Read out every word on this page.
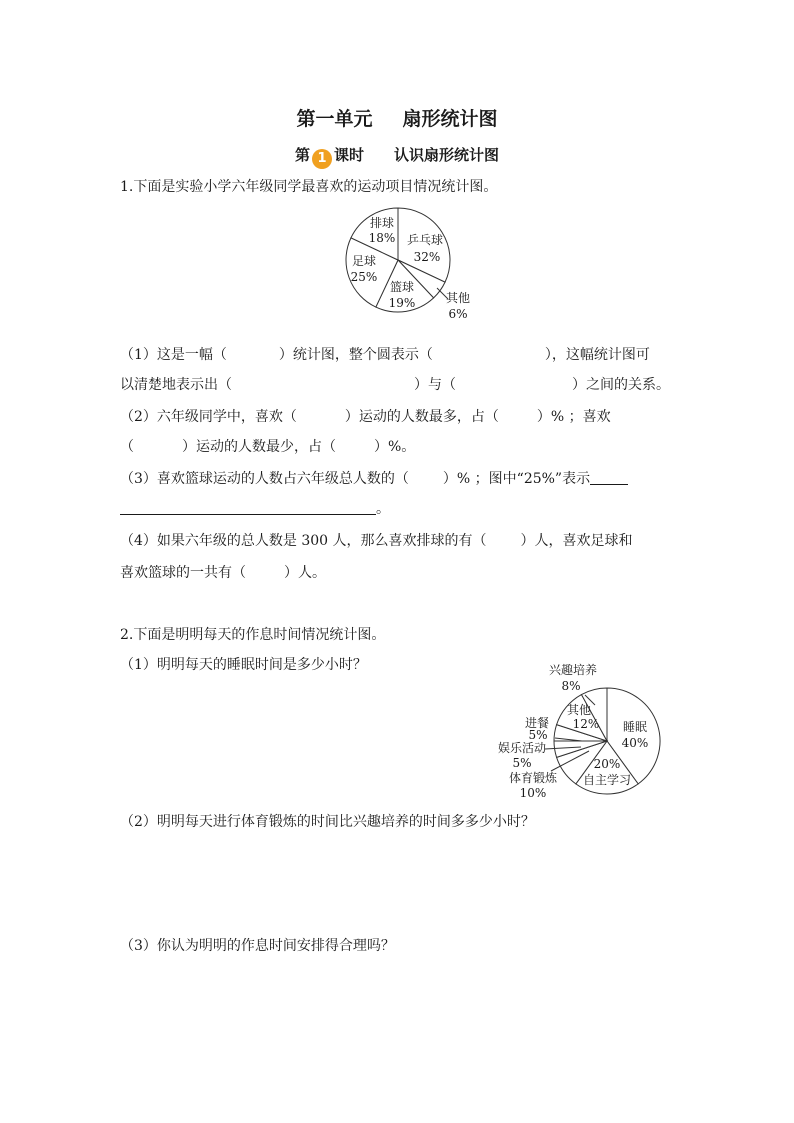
第一单元 扇形统计图
第 1 课时 认识扇形统计图
1.下面是实验小学六年级同学最喜欢的运动项目情况统计图。
排球
18% 乒乓球
32%
足球
25%
篮球
19%	其他
6%
（1）这是一幅（	）统计图，整个圆表示（	），这幅统计图可
以清楚地表示出（	）与（	）之间的关系。
（2）六年级同学中，喜欢（	）运动的人数最多，占（	）% ；喜欢
（	）运动的人数最少，占（	）%。
（3）喜欢篮球运动的人数占六年级总人数的（ ）% ；图中“25%”表示
。
（4）如果六年级的总人数是 300 人，那么喜欢排球的有（ ）人，喜欢足球和
喜欢篮球的一共有（	）人。
2.下面是明明每天的作息时间情况统计图。
（1）明明每天的睡眠时间是多少小时？	兴趣培养
8%
其他
12% 睡眠
40%
进餐
5%
娱乐活动
5%	20%
自主学习
体育锻炼
10%
（2）明明每天进行体育锻炼的时间比兴趣培养的时间多多少小时？
（3）你认为明明的作息时间安排得合理吗？
